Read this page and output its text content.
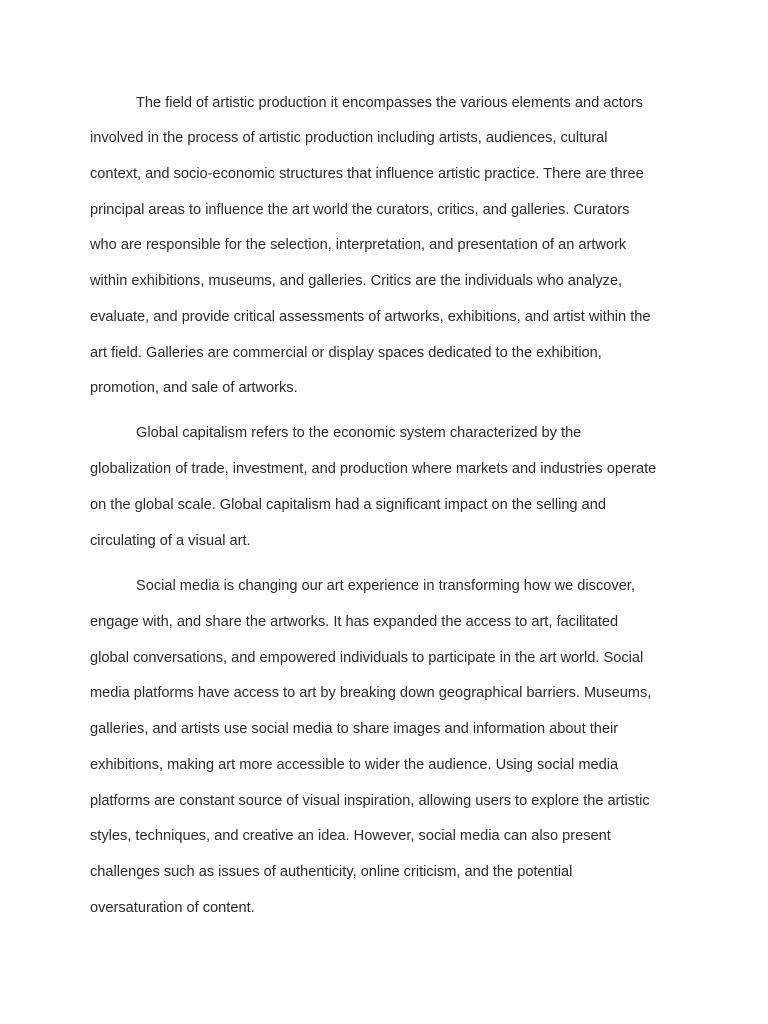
The field of artistic production it encompasses the various elements and actors
involved in the process of artistic production including artists, audiences, cultural
context, and socio-economic structures that influence artistic practice. There are three
principal areas to influence the art world the curators, critics, and galleries. Curators
who are responsible for the selection, interpretation, and presentation of an artwork
within exhibitions, museums, and galleries. Critics are the individuals who analyze,
evaluate, and provide critical assessments of artworks, exhibitions, and artist within the
art field. Galleries are commercial or display spaces dedicated to the exhibition,
promotion, and sale of artworks.
Global capitalism refers to the economic system characterized by the
globalization of trade, investment, and production where markets and industries operate
on the global scale. Global capitalism had a significant impact on the selling and
circulating of a visual art.
Social media is changing our art experience in transforming how we discover,
engage with, and share the artworks. It has expanded the access to art, facilitated
global conversations, and empowered individuals to participate in the art world. Social
media platforms have access to art by breaking down geographical barriers. Museums,
galleries, and artists use social media to share images and information about their
exhibitions, making art more accessible to wider the audience. Using social media
platforms are constant source of visual inspiration, allowing users to explore the artistic
styles, techniques, and creative an idea. However, social media can also present
challenges such as issues of authenticity, online criticism, and the potential
oversaturation of content.
